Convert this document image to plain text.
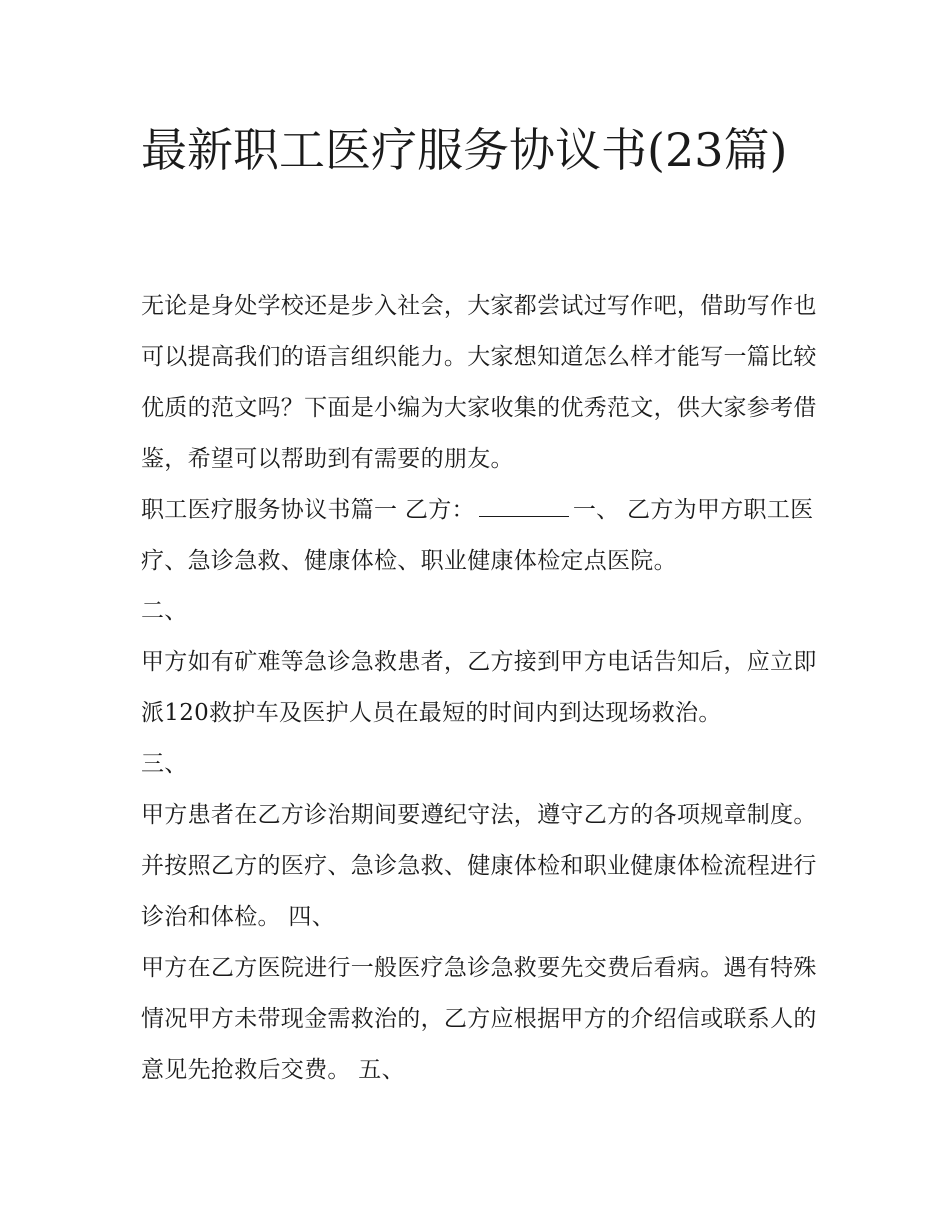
最新职工医疗服务协议书(23篇)

无论是身处学校还是步入社会，大家都尝试过写作吧，借助写作也可以提高我们的语言组织能力。大家想知道怎么样才能写一篇比较优质的范文吗？下面是小编为大家收集的优秀范文，供大家参考借鉴，希望可以帮助到有需要的朋友。

职工医疗服务协议书篇一 乙方：	一、 乙方为甲方职工医疗、急诊急救、健康体检、职业健康体检定点医院。

二、

甲方如有矿难等急诊急救患者，乙方接到甲方电话告知后，应立即派120救护车及医护人员在最短的时间内到达现场救治。

三、

甲方患者在乙方诊治期间要遵纪守法，遵守乙方的各项规章制度。并按照乙方的医疗、急诊急救、健康体检和职业健康体检流程进行诊治和体检。 四、

甲方在乙方医院进行一般医疗急诊急救要先交费后看病。遇有特殊情况甲方未带现金需救治的，乙方应根据甲方的介绍信或联系人的意见先抢救后交费。 五、
